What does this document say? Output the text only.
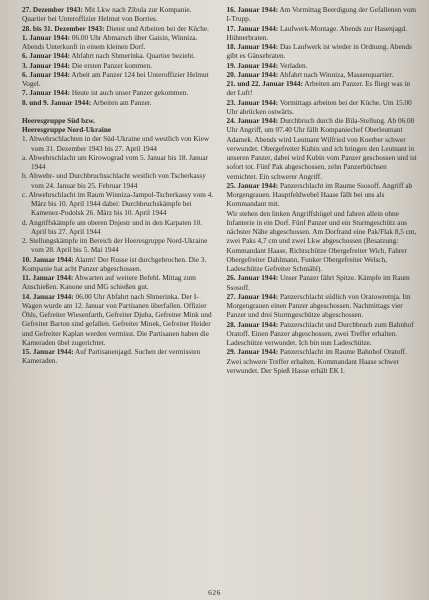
27. Dezember 1943: Mit Lkw nach Zibula zur Kompanie. Quartier bei Unteroffizier Helmut von Borries.

28. bis 31. Dezember 1943: Dienst und Arbeiten bei der Küche.

1. Januar 1944: 06.00 Uhr Abmarsch über Gaisin, Winniza. Abends Unterkunft in einem kleinen Dorf.

6. Januar 1944: Abfahrt nach Shmerinka. Quartier bezieht.

3. Januar 1944: Die ersten Panzer kommen.

6. Januar 1944: Arbeit am Panzer 124 bei Unteroffizier Helmut Vogel.

7. Januar 1944: Heute ist auch unser Panzer gekommen.

8. und 9. Januar 1944: Arbeiten am Panzer.

Heeresgruppe Süd bzw.

Heeresgruppe Nord-Ukraine

1. Abwehrschlachten in der Süd-Ukraine und westlich von Kiew vom 31. Dezember 1943 bis 27. April 1944

a. Abwehrschlacht um Kirowograd vom 5. Januar bis 18. Januar 1944

b. Abwehr- und Durchbruchsschlacht westlich von Tscherkassy vom 24. Januar bis 25. Februar 1944

c. Abwehrschlacht im Raum Winniza-Jampol-Tscherkassy vom 4. März bis 10. April 1944 dabei: Durchbruchskämpfe bei Kamenez-Podolsk 26. März bis 10. April 1944

d. Angriffskämpfe am oberen Dnjestr und in den Karpaten 10. April bis 27. April 1944

2. Stellungskämpfe im Bereich der Heeresgruppe Nord-Ukraine vom 28. April bis 5. Mai 1944

10. Januar 1944: Alarm! Der Russe ist durchgebrochen. Die 3. Kompanie hat acht Panzer abgeschossen.

11. Januar 1944: Abwarten auf weitere Befehl. Mittag zum Anschießen. Kanone und MG schießen gut.

14. Januar 1944: 06.00 Uhr Abfahrt nach Shmerinka. Der I-Wagen wurde am 12. Januar von Partisanen überfallen. Offizier Öhls, Gefreiter Wiesenfarth, Gefreiter Djuba, Gefreiter Mink und Gefreiter Barton sind gefallen. Gefreiter Minek, Gefreiter Heider und Gefreiter Kaplan werden vermisst. Die Partisanen haben die Kameraden übel zugerichtet.

15. Januar 1944: Auf Partisanenjagd. Suchen der vermissten Kameraden.

16. Januar 1944: Am Vormittag Beerdigung der Gefallenen vom I-Trupp.

17. Januar 1944: Laufwerk-Montage. Abends zur Hasenjagd. Hühnerbraten.

18. Januar 1944: Das Laufwerk ist wieder in Ordnung. Abends gibt es Gänsebraten.

19. Januar 1944: Verladen.

20. Januar 1944: Abfahrt nach Winniza, Massenquartier.

21. und 22. Januar 1944: Arbeiten am Panzer. Es fliegt was in der Luft!

23. Januar 1944: Vormittags arbeiten bei der Küche. Um 15.00 Uhr abrücken ostwärts.

24. Januar 1944: Durchbruch durch die Bila-Stellung. Ab 06.00 Uhr Angriff, um 07.40 Uhr fällt Kompaniechef Oberleutnant Adamek. Abends wird Leutnant Wilfried von Koerber schwer verwundet. Obergefreiter Kubin und ich bringen den Leutnant in unseren Panzer, dabei wird Kubin vom Panzer geschossen und ist sofort tot. Fünf Pak abgeschossen, zehn Panzerbüchsen vernichtet. Ein schwerer Angriff.

25. Januar 1944: Panzerschlacht im Raume Ssosoff. Angriff ab Morgengrauen. Hauptfeldwebel Haase fällt bei uns als Kornmandant mit.

Wir stehen den linken Angriffshügel und fahren allein ohne Infanterie in ein Dorf. Fünf Panzer und ein Sturmgeschütz aus nächster Nähe abgeschossen. Am Dorfrand eine Pak/Flak 8,5 cm, zwei Paks 4,7 cm und zwei Lkw abgeschossen (Besatzung: Kommandant Haase, Richtschütze Obergefreiter Wich, Fahrer Obergefreiter Dahlmann, Funker Obergefreiter Welsch, Ladeschütze Gefreiter Schmähl).

26. Januar 1944: Unser Panzer fährt Spitze. Kämpfe im Raum Ssosoff.

27. Januar 1944: Panzerschlacht südlich von Oratowretnja. Im Morgengrauen einen Panzer abgeschossen. Nachmittags vier Panzer und drei Sturmgeschütze abgeschossen.

28. Januar 1944: Panzerschlacht und Durchbruch zum Bahnhof Oratoff. Einen Panzer abgeschossen, zwei Treffer erhalten. Ladeschütze verwundet. Ich bin nun Ladeschütze.

29. Januar 1944: Panzerschlacht im Raume Bahnhof Oratoff. Zwei schwere Treffer erhalten. Kommandant Haase schwer verwundet. Der Spieß Hasse erhält EK I.

626
